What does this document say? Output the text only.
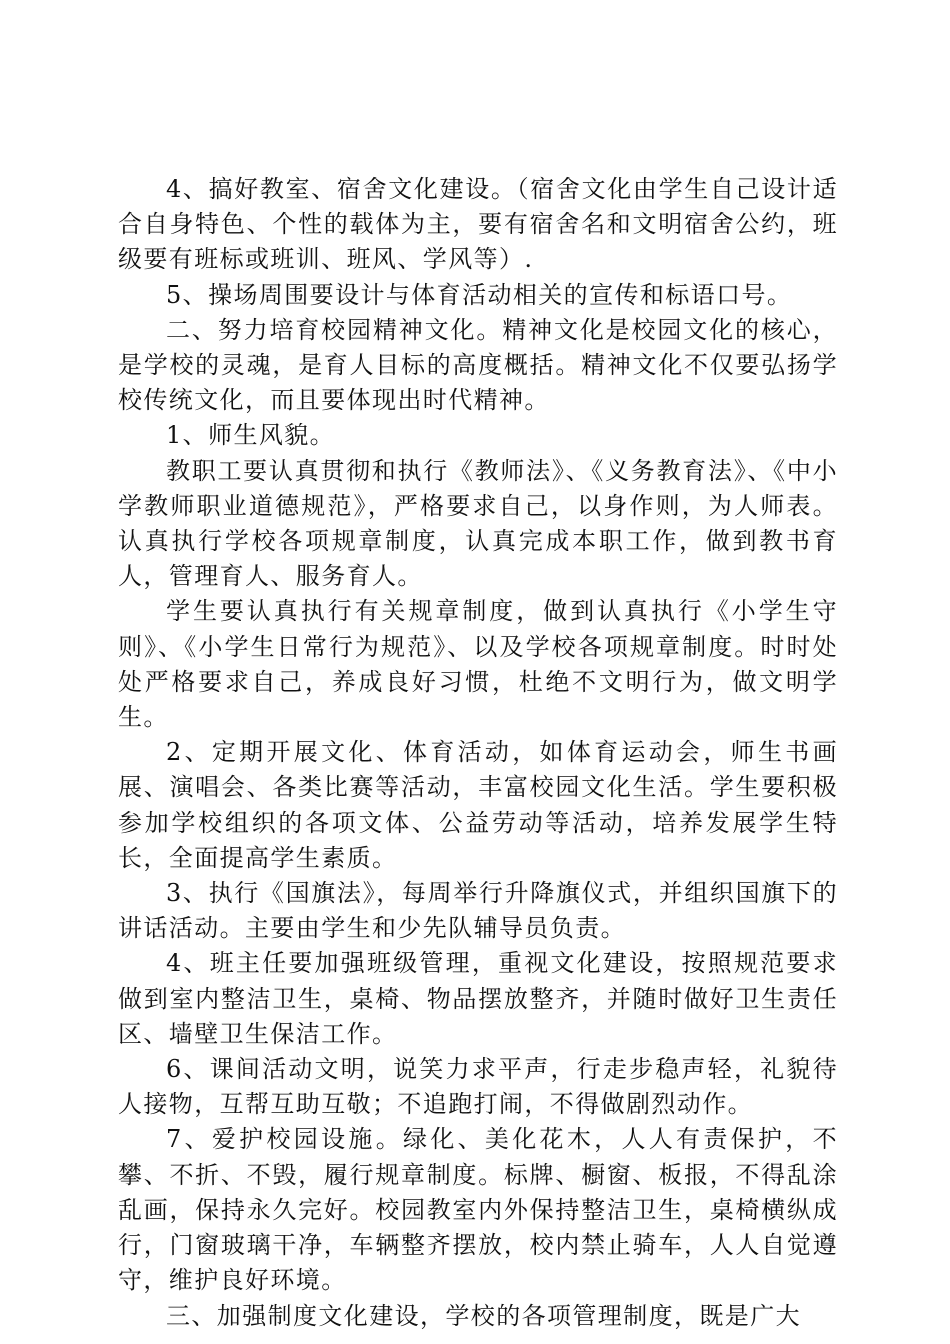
4、搞好教室、宿舍文化建设。（宿舍文化由学生自己设计适合自身特色、个性的载体为主，要有宿舍名和文明宿舍公约，班级要有班标或班训、班风、学风等）.

5、操场周围要设计与体育活动相关的宣传和标语口号。

二、努力培育校园精神文化。精神文化是校园文化的核心，是学校的灵魂，是育人目标的高度概括。精神文化不仅要弘扬学校传统文化，而且要体现出时代精神。

1、师生风貌。

教职工要认真贯彻和执行《教师法》、《义务教育法》、《中小学教师职业道德规范》，严格要求自己，以身作则，为人师表。认真执行学校各项规章制度，认真完成本职工作，做到教书育人，管理育人、服务育人。

学生要认真执行有关规章制度，做到认真执行《小学生守则》、《小学生日常行为规范》、以及学校各项规章制度。时时处处严格要求自己，养成良好习惯，杜绝不文明行为，做文明学生。

2、定期开展文化、体育活动，如体育运动会，师生书画展、演唱会、各类比赛等活动，丰富校园文化生活。学生要积极参加学校组织的各项文体、公益劳动等活动，培养发展学生特长，全面提高学生素质。

3、执行《国旗法》，每周举行升降旗仪式，并组织国旗下的讲话活动。主要由学生和少先队辅导员负责。

4、班主任要加强班级管理，重视文化建设，按照规范要求做到室内整洁卫生，桌椅、物品摆放整齐，并随时做好卫生责任区、墙壁卫生保洁工作。

6、课间活动文明，说笑力求平声，行走步稳声轻，礼貌待人接物，互帮互助互敬；不追跑打闹，不得做剧烈动作。

7、爱护校园设施。绿化、美化花木，人人有责保护，不攀、不折、不毁，履行规章制度。标牌、橱窗、板报，不得乱涂乱画，保持永久完好。校园教室内外保持整洁卫生，桌椅横纵成行，门窗玻璃干净，车辆整齐摆放，校内禁止骑车，人人自觉遵守，维护良好环境。

三、加强制度文化建设，学校的各项管理制度，既是广大
